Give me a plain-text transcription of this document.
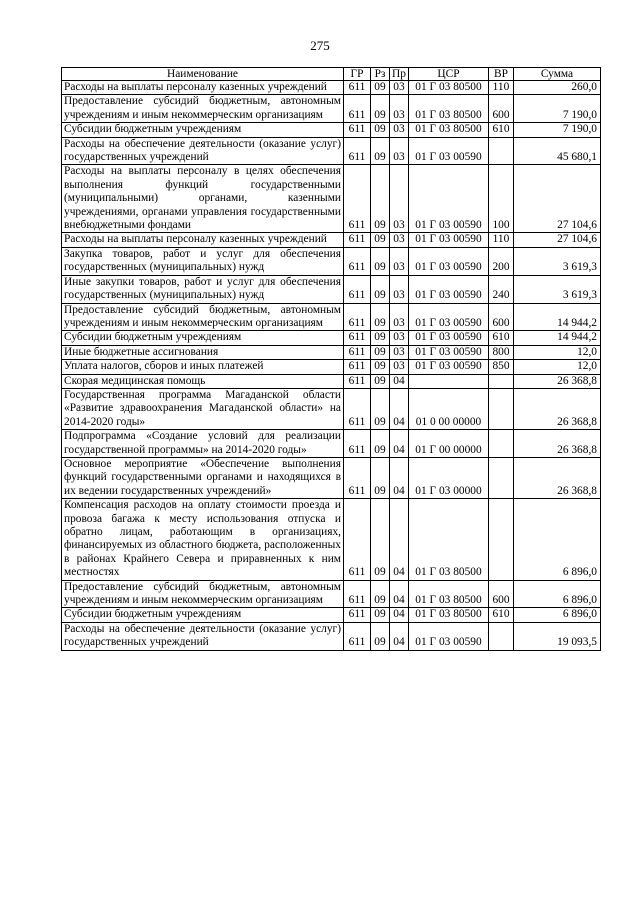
275
Наименование	ГР	Рз	Пр	ЦСР	ВР	Сумма
Расходы на выплаты персоналу казенных учреждений	611	09	03	01 Г 03 80500	110	260,0
Предоставление субсидий бюджетным, автономным учреждениям и иным некоммерческим организациям	611	09	03	01 Г 03 80500	600	7 190,0
Субсидии бюджетным учреждениям	611	09	03	01 Г 03 80500	610	7 190,0
Расходы на обеспечение деятельности (оказание услуг) государственных учреждений	611	09	03	01 Г 03 00590		45 680,1
Расходы на выплаты персоналу в целях обеспечения выполнения функций государственными (муниципальными) органами, казенными учреждениями, органами управления государственными внебюджетными фондами	611	09	03	01 Г 03 00590	100	27 104,6
Расходы на выплаты персоналу казенных учреждений	611	09	03	01 Г 03 00590	110	27 104,6
Закупка товаров, работ и услуг для обеспечения государственных (муниципальных) нужд	611	09	03	01 Г 03 00590	200	3 619,3
Иные закупки товаров, работ и услуг для обеспечения государственных (муниципальных) нужд	611	09	03	01 Г 03 00590	240	3 619,3
Предоставление субсидий бюджетным, автономным учреждениям и иным некоммерческим организациям	611	09	03	01 Г 03 00590	600	14 944,2
Субсидии бюджетным учреждениям	611	09	03	01 Г 03 00590	610	14 944,2
Иные бюджетные ассигнования	611	09	03	01 Г 03 00590	800	12,0
Уплата налогов, сборов и иных платежей	611	09	03	01 Г 03 00590	850	12,0
Скорая медицинская помощь	611	09	04			26 368,8
Государственная программа Магаданской области «Развитие здравоохранения Магаданской области» на 2014-2020 годы»	611	09	04	01 0 00 00000		26 368,8
Подпрограмма «Создание условий для реализации государственной программы» на 2014-2020 годы»	611	09	04	01 Г 00 00000		26 368,8
Основное мероприятие «Обеспечение выполнения функций государственными органами и находящихся в их ведении государственных учреждений»	611	09	04	01 Г 03 00000		26 368,8
Компенсация расходов на оплату стоимости проезда и провоза багажа к месту использования отпуска и обратно лицам, работающим в организациях, финансируемых из областного бюджета, расположенных в районах Крайнего Севера и приравненных к ним местностях	611	09	04	01 Г 03 80500		6 896,0
Предоставление субсидий бюджетным, автономным учреждениям и иным некоммерческим организациям	611	09	04	01 Г 03 80500	600	6 896,0
Субсидии бюджетным учреждениям	611	09	04	01 Г 03 80500	610	6 896,0
Расходы на обеспечение деятельности (оказание услуг) государственных учреждений	611	09	04	01 Г 03 00590		19 093,5
